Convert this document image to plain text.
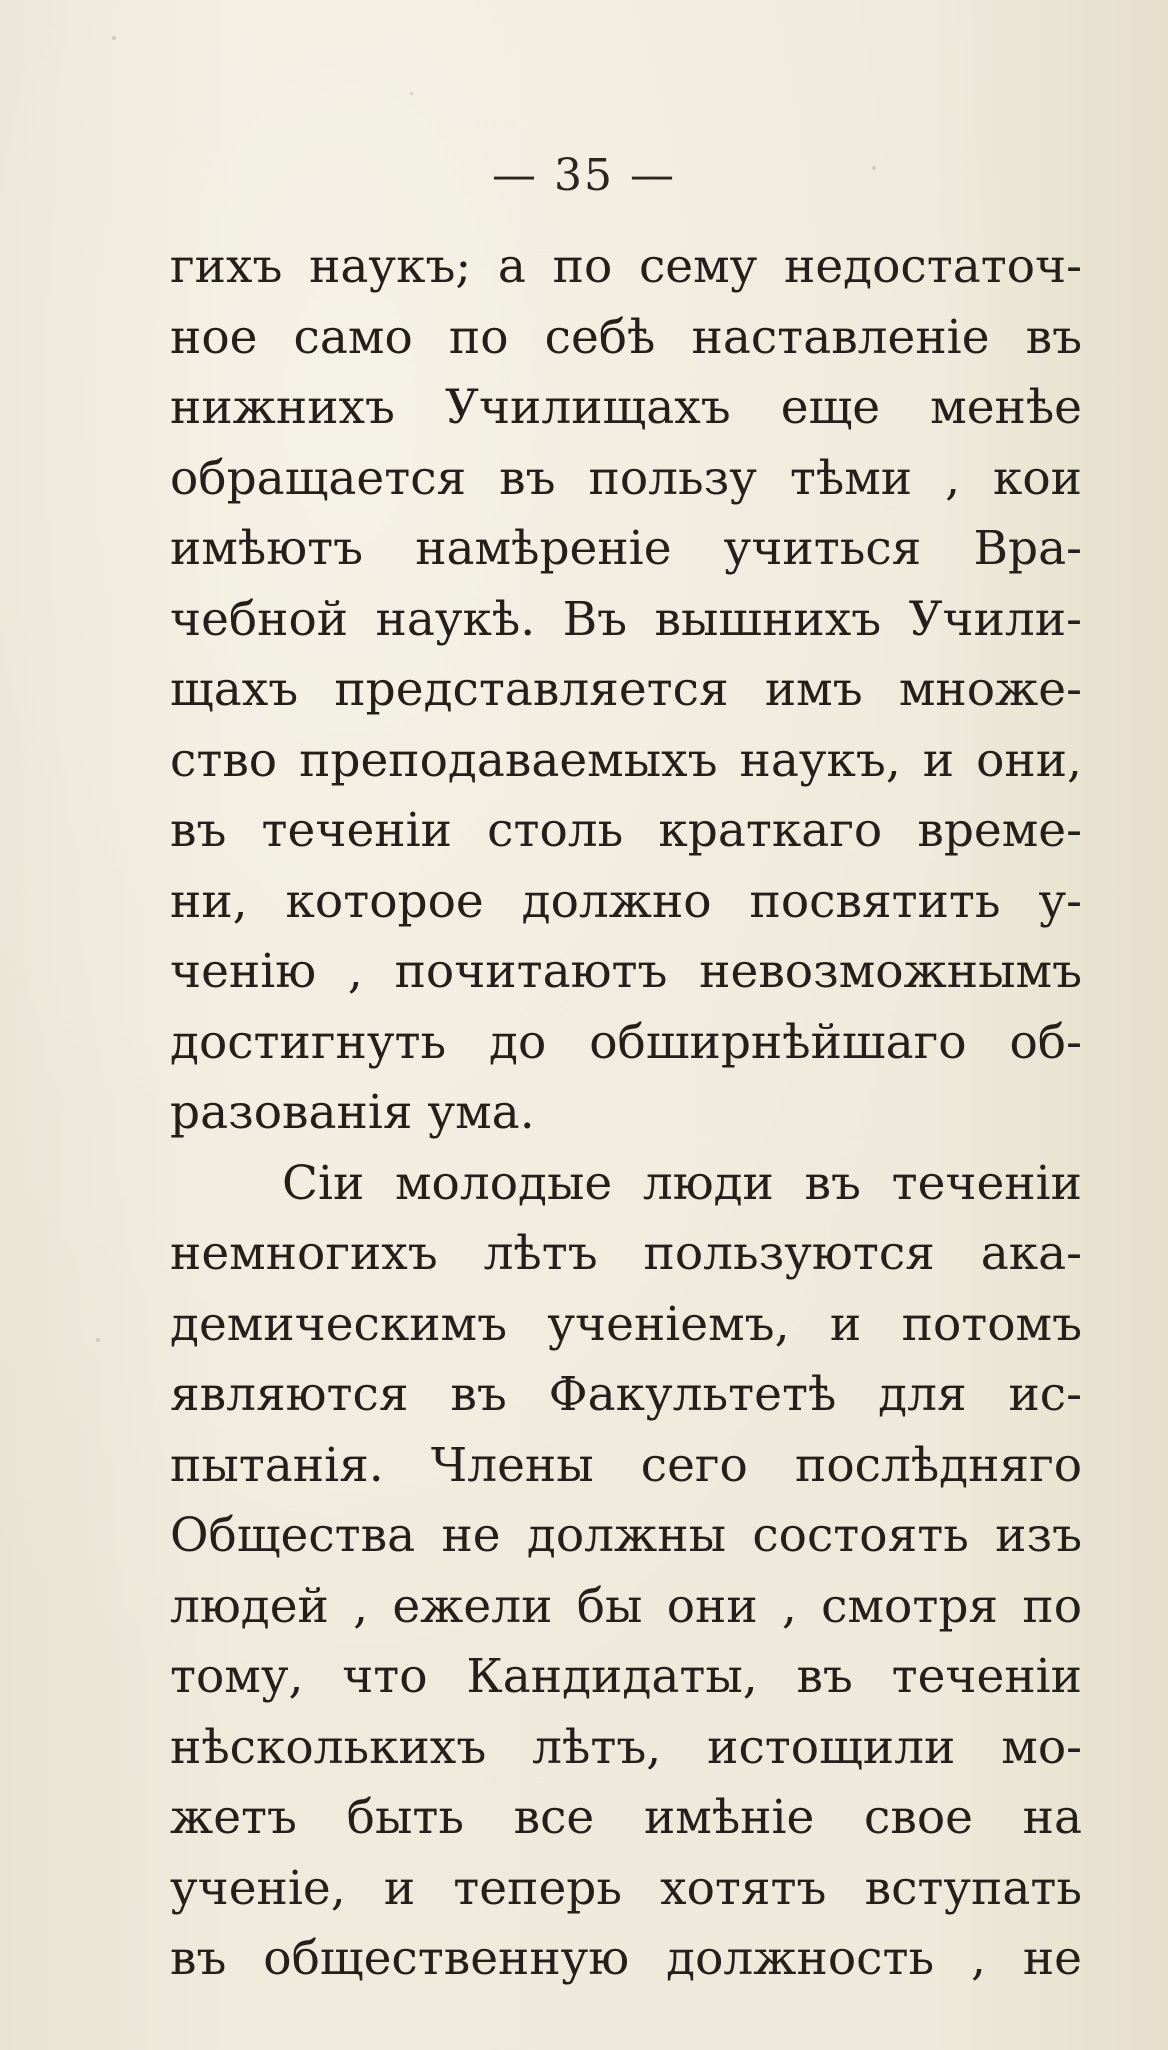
— 35 —
гихъ наукъ; а по сему недостаточ-
ное само по себѣ наставленіе въ
нижнихъ Училищахъ еще менѣе
обращается въ пользу тѣми , кои
имѣютъ намѣреніе учиться Вра-
чебной наукѣ. Въ вышнихъ Учили-
щахъ представляется имъ множе-
ство преподаваемыхъ наукъ, и они,
въ теченіи столь краткаго време-
ни, которое должно посвятить у-
ченію , почитаютъ невозможнымъ
достигнуть до обширнѣйшаго об-
разованія ума.
Сіи молодые люди въ теченіи
немногихъ лѣтъ пользуются ака-
демическимъ ученіемъ, и потомъ
являются въ Факультетѣ для ис-
пытанія. Члены сего послѣдняго
Общества не должны состоять изъ
людей , ежели бы они , смотря по
тому, что Кандидаты, въ теченіи
нѣсколькихъ лѣтъ, истощили мо-
жетъ быть все имѣніе свое на
ученіе, и теперь хотятъ вступать
въ общественную должность , не
